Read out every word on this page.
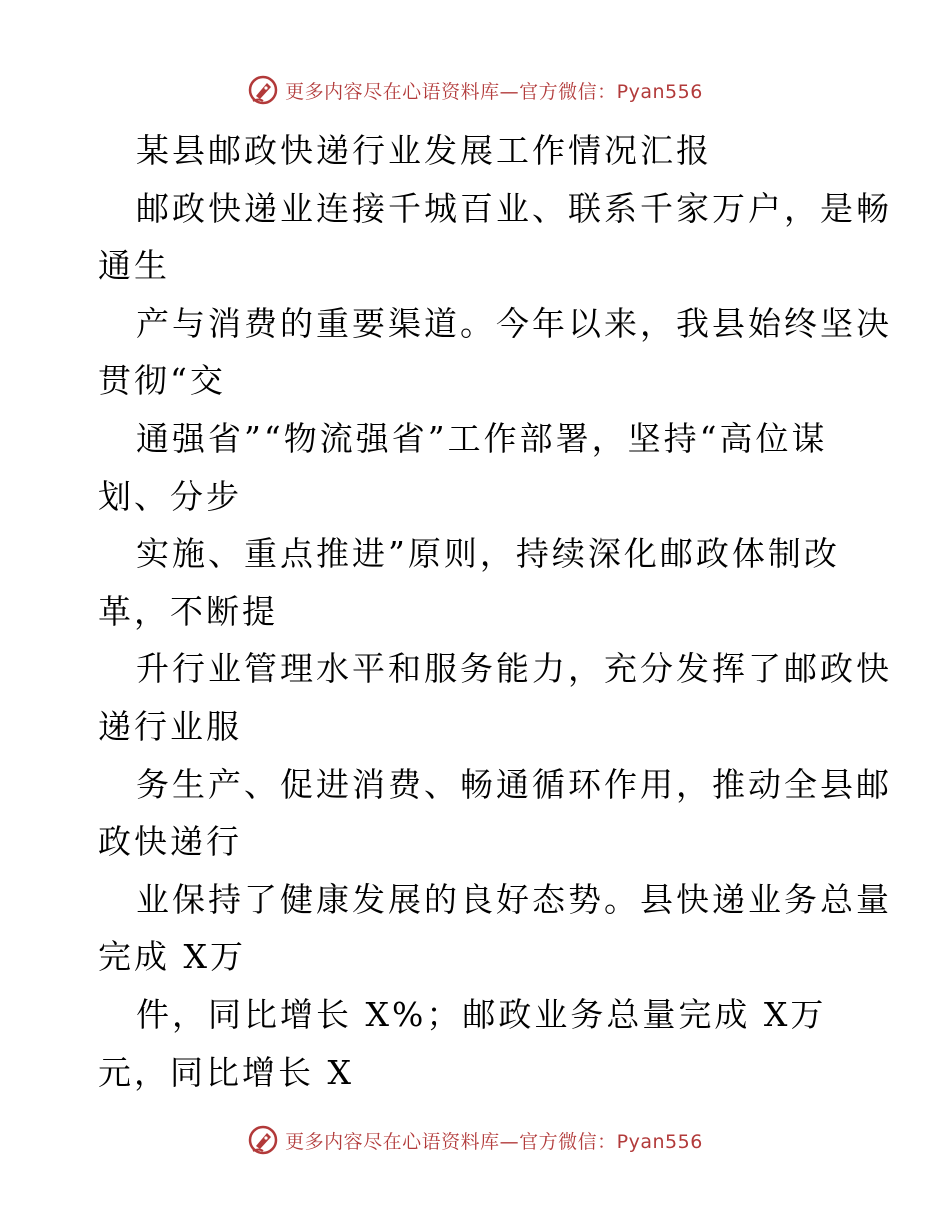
更多内容尽在心语资料库—官方微信：Pyan556
某县邮政快递行业发展工作情况汇报
邮政快递业连接千城百业、联系千家万户，是畅
通生
产与消费的重要渠道。今年以来，我县始终坚决
贯彻“交
通强省”“物流强省”工作部署，坚持“高位谋
划、分步
实施、重点推进”原则，持续深化邮政体制改
革，不断提
升行业管理水平和服务能力，充分发挥了邮政快
递行业服
务生产、促进消费、畅通循环作用，推动全县邮
政快递行
业保持了健康发展的良好态势。县快递业务总量
完成 X万
件，同比增长 X%；邮政业务总量完成 X万
元，同比增长 X
更多内容尽在心语资料库—官方微信：Pyan556
